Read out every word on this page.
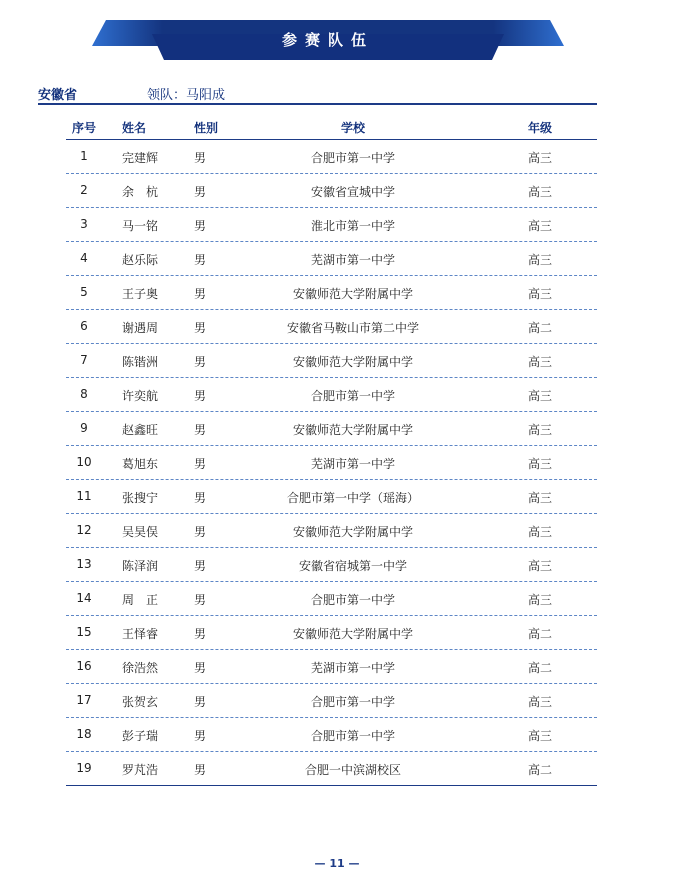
参赛队伍
安徽省	领队：马阳成
序号	姓名	性别	学校	年级
1	完建辉	男	合肥市第一中学	高三
2	余　杭	男	安徽省宣城中学	高三
3	马一铭	男	淮北市第一中学	高三
4	赵乐际	男	芜湖市第一中学	高三
5	王子奥	男	安徽师范大学附属中学	高三
6	谢遇周	男	安徽省马鞍山市第二中学	高二
7	陈锴洲	男	安徽师范大学附属中学	高三
8	许奕航	男	合肥市第一中学	高三
9	赵鑫旺	男	安徽师范大学附属中学	高三
10	葛旭东	男	芜湖市第一中学	高三
11	张搜宁	男	合肥市第一中学（瑶海）	高三
12	吴昊俣	男	安徽师范大学附属中学	高三
13	陈泽润	男	安徽省宿城第一中学	高三
14	周　正	男	合肥市第一中学	高三
15	王怿睿	男	安徽师范大学附属中学	高二
16	徐浩然	男	芜湖市第一中学	高二
17	张贺玄	男	合肥市第一中学	高三
18	彭子瑞	男	合肥市第一中学	高三
19	罗芃浩	男	合肥一中滨湖校区	高二
— 11 —
